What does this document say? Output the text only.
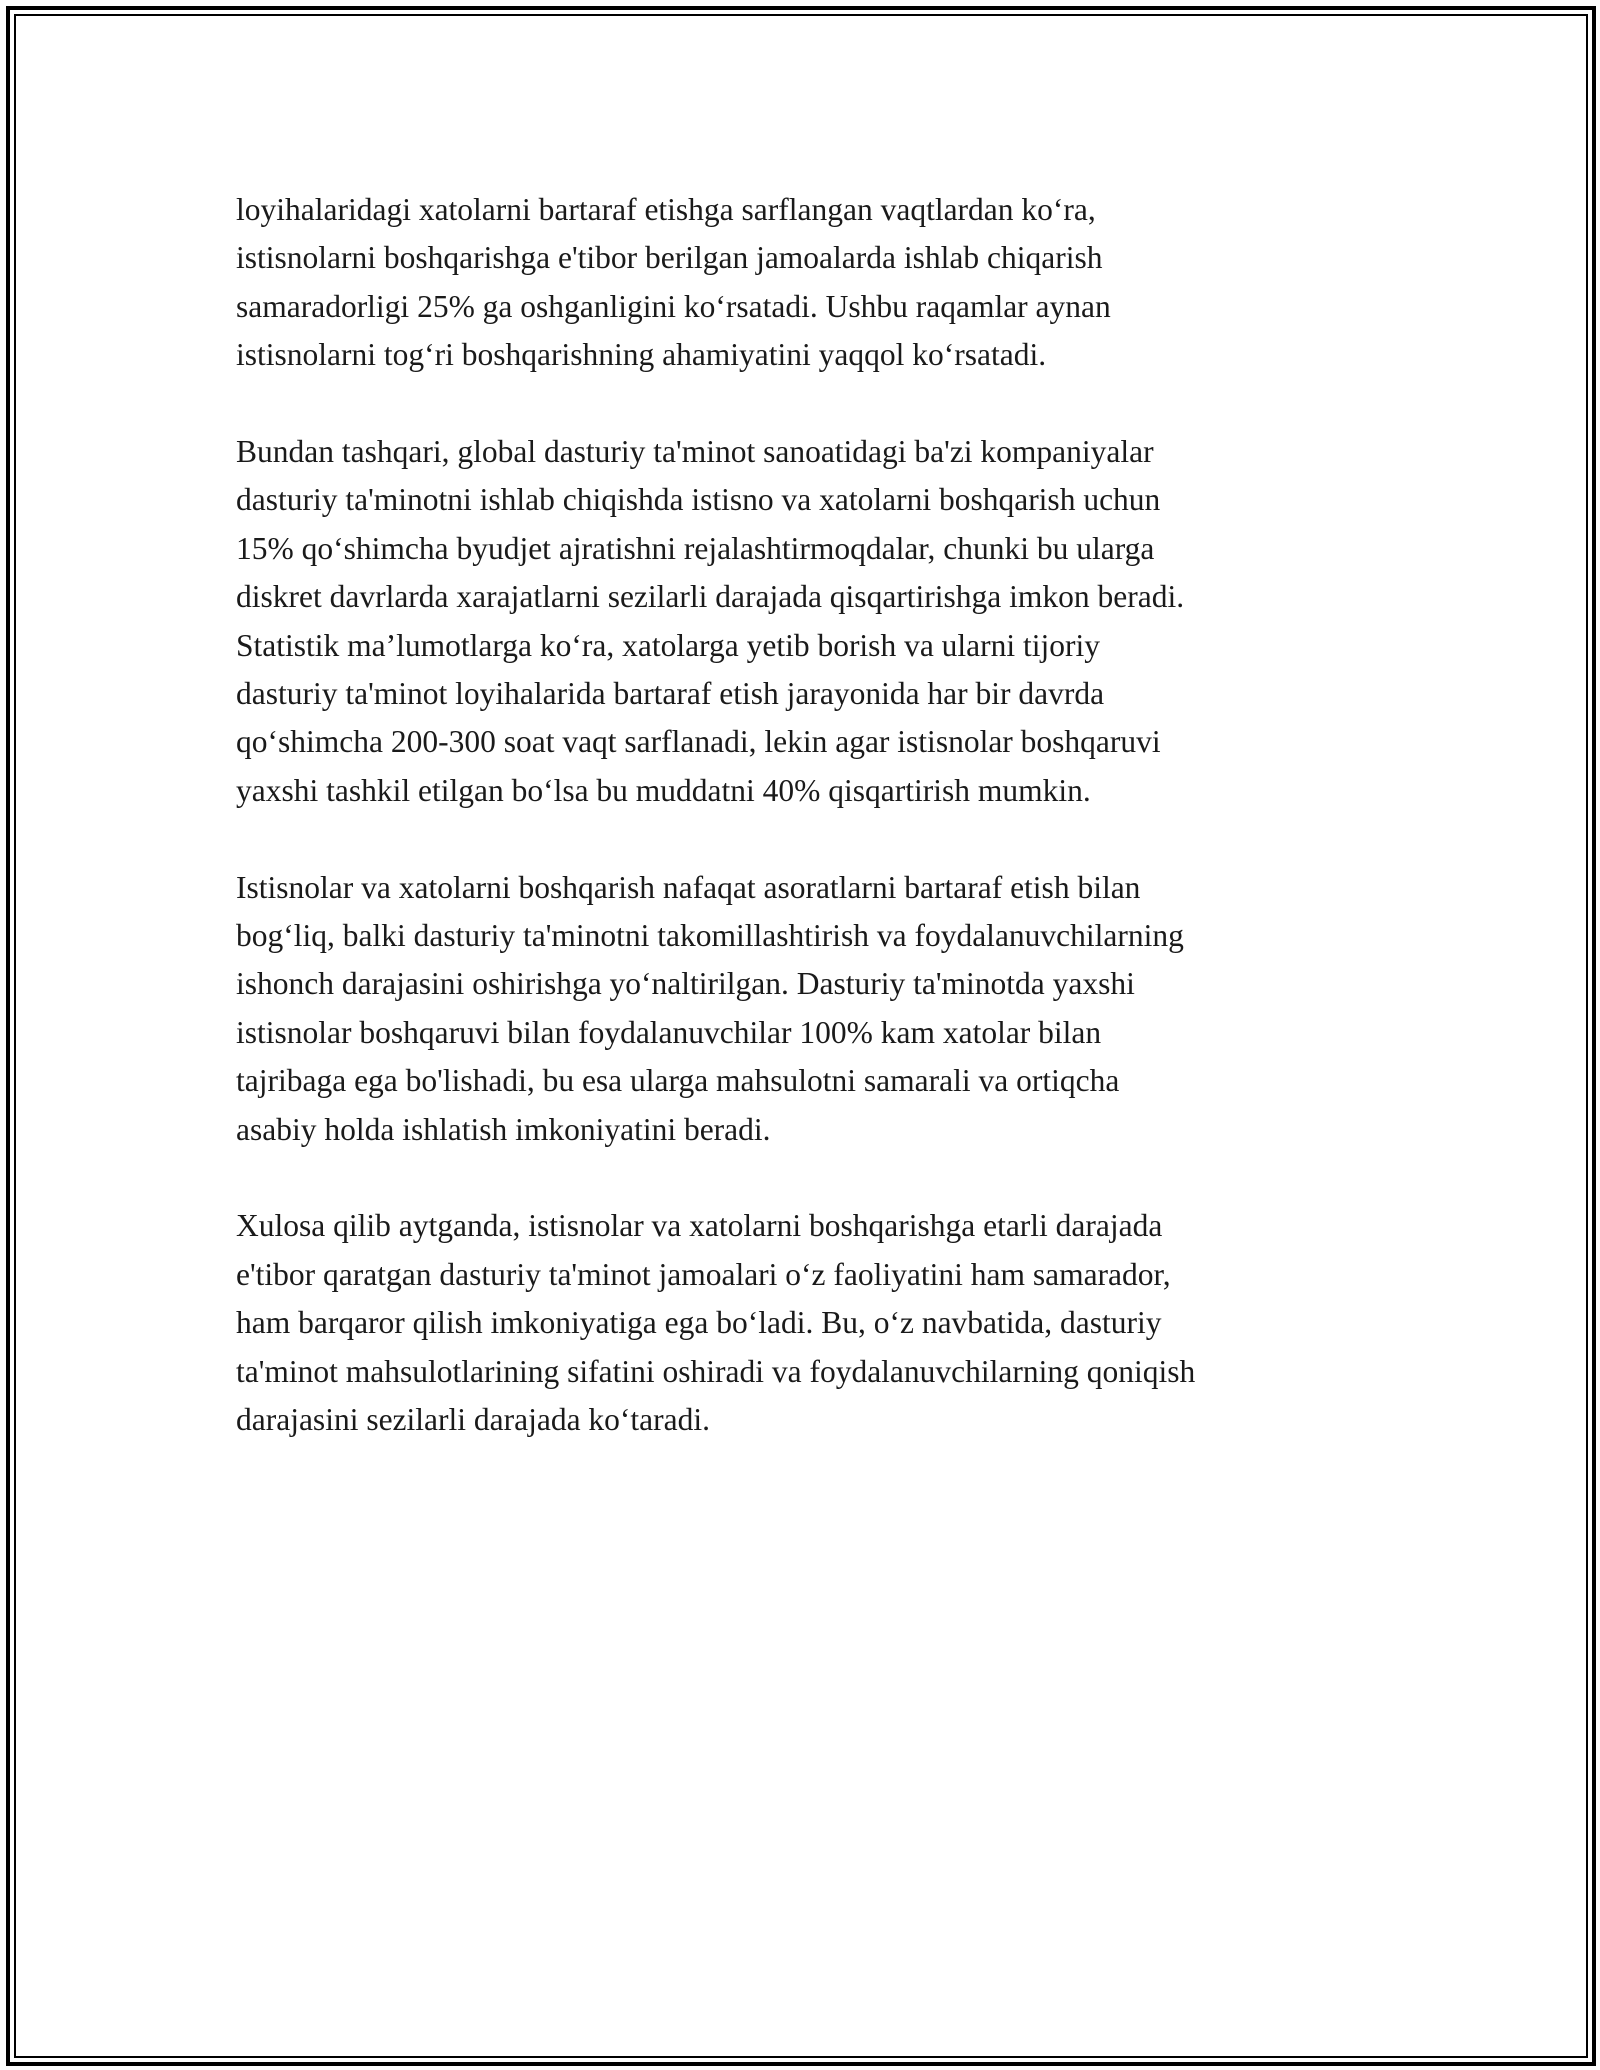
loyihalaridagi xatolarni bartaraf etishga sarflangan vaqtlardan ko‘ra,
istisnolarni boshqarishga e'tibor berilgan jamoalarda ishlab chiqarish
samaradorligi 25% ga oshganligini ko‘rsatadi. Ushbu raqamlar aynan
istisnolarni tog‘ri boshqarishning ahamiyatini yaqqol ko‘rsatadi.

Bundan tashqari, global dasturiy ta'minot sanoatidagi ba'zi kompaniyalar
dasturiy ta'minotni ishlab chiqishda istisno va xatolarni boshqarish uchun
15% qo‘shimcha byudjet ajratishni rejalashtirmoqdalar, chunki bu ularga
diskret davrlarda xarajatlarni sezilarli darajada qisqartirishga imkon beradi.
Statistik ma’lumotlarga ko‘ra, xatolarga yetib borish va ularni tijoriy
dasturiy ta'minot loyihalarida bartaraf etish jarayonida har bir davrda
qo‘shimcha 200-300 soat vaqt sarflanadi, lekin agar istisnolar boshqaruvi
yaxshi tashkil etilgan bo‘lsa bu muddatni 40% qisqartirish mumkin.

Istisnolar va xatolarni boshqarish nafaqat asoratlarni bartaraf etish bilan
bog‘liq, balki dasturiy ta'minotni takomillashtirish va foydalanuvchilarning
ishonch darajasini oshirishga yo‘naltirilgan. Dasturiy ta'minotda yaxshi
istisnolar boshqaruvi bilan foydalanuvchilar 100% kam xatolar bilan
tajribaga ega bo'lishadi, bu esa ularga mahsulotni samarali va ortiqcha
asabiy holda ishlatish imkoniyatini beradi.

Xulosa qilib aytganda, istisnolar va xatolarni boshqarishga etarli darajada
e'tibor qaratgan dasturiy ta'minot jamoalari o‘z faoliyatini ham samarador,
ham barqaror qilish imkoniyatiga ega bo‘ladi. Bu, o‘z navbatida, dasturiy
ta'minot mahsulotlarining sifatini oshiradi va foydalanuvchilarning qoniqish
darajasini sezilarli darajada ko‘taradi.
